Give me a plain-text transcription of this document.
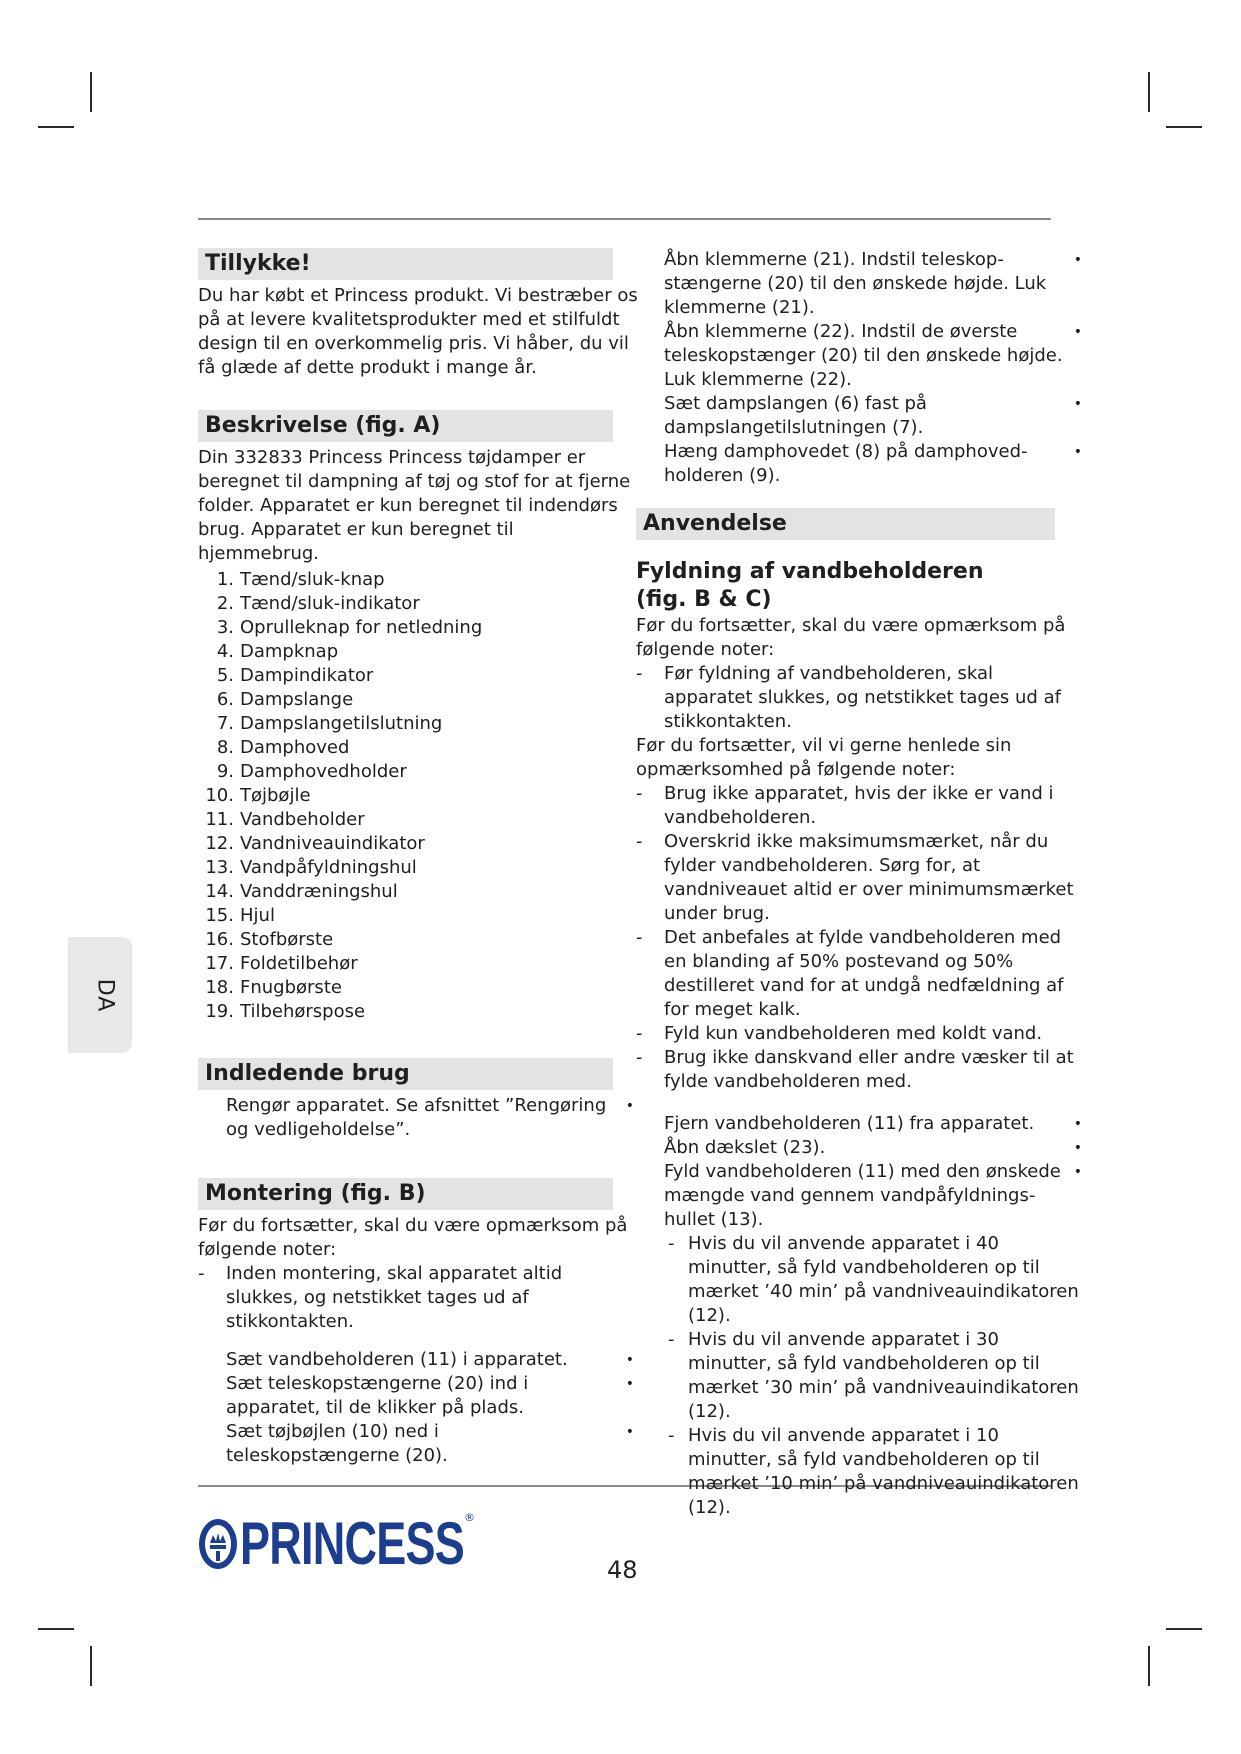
Tillykke!

Du har købt et Princess produkt. Vi bestræber os på at levere kvalitetsprodukter med et stilfuldt design til en overkommelig pris. Vi håber, du vil få glæde af dette produkt i mange år.

Beskrivelse (fig. A)

Din 332833 Princess Princess tøjdamper er beregnet til dampning af tøj og stof for at fjerne folder. Apparatet er kun beregnet til indendørs brug. Apparatet er kun beregnet til hjemmebrug.

1. Tænd/sluk-knap
2. Tænd/sluk-indikator
3. Oprulleknap for netledning
4. Dampknap
5. Dampindikator
6. Dampslange
7. Dampslangetilslutning
8. Damphoved
9. Damphovedholder
10. Tøjbøjle
11. Vandbeholder
12. Vandniveauindikator
13. Vandpåfyldningshul
14. Vanddræningshul
15. Hjul
16. Stofbørste
17. Foldetilbehør
18. Fnugbørste
19. Tilbehørspose
Indledende brug
Rengør apparatet. Se afsnittet ”Rengøring og vedligeholdelse”.
•
Montering (fig. B)

Før du fortsætter, skal du være opmærksom på følgende noter:

- Inden montering, skal apparatet altid slukkes, og netstikket tages ud af stikkontakten.
Sæt vandbeholderen (11) i apparatet.	•
Sæt teleskopstængerne (20) ind i apparatet, til de klikker på plads.
•
Sæt tøjbøjlen (10) ned i teleskopstængerne (20).
•
Åbn klemmerne (21). Indstil teleskopstængerne (20) til den ønskede højde. Luk klemmerne (21).
•
Åbn klemmerne (22). Indstil de øverste teleskopstænger (20) til den ønskede højde. Luk klemmerne (22).
•
Sæt dampslangen (6) fast på dampslangetilslutningen (7).
•
Hæng damphovedet (8) på damphovedholderen (9).
•
Anvendelse
Fyldning af vandbeholderen
(fig. B & C)

Før du fortsætter, skal du være opmærksom på følgende noter:

- Før fyldning af vandbeholderen, skal apparatet slukkes, og netstikket tages ud af stikkontakten.

Før du fortsætter, vil vi gerne henlede sin opmærksomhed på følgende noter:

- Brug ikke apparatet, hvis der ikke er vand i vandbeholderen.
- Overskrid ikke maksimumsmærket, når du fylder vandbeholderen. Sørg for, at vandniveauet altid er over minimumsmærket under brug.
- Det anbefales at fylde vandbeholderen med en blanding af 50% postevand og 50% destilleret vand for at undgå nedfældning af for meget kalk.
- Fyld kun vandbeholderen med koldt vand.
- Brug ikke danskvand eller andre væsker til at fylde vandbeholderen med.
Fjern vandbeholderen (11) fra apparatet.	•
Åbn dækslet (23).	•
Fyld vandbeholderen (11) med den ønskede mængde vand gennem vandpåfyldningshullet (13).
•
- Hvis du vil anvende apparatet i 40 minutter, så fyld vandbeholderen op til mærket ’40 min’ på vandniveauindikatoren (12).
- Hvis du vil anvende apparatet i 30 minutter, så fyld vandbeholderen op til mærket ’30 min’ på vandniveauindikatoren (12).
- Hvis du vil anvende apparatet i 10 minutter, så fyld vandbeholderen op til mærket ’10 min’ på vandniveauindikatoren (12).
DA
PRINCESS ®
48
